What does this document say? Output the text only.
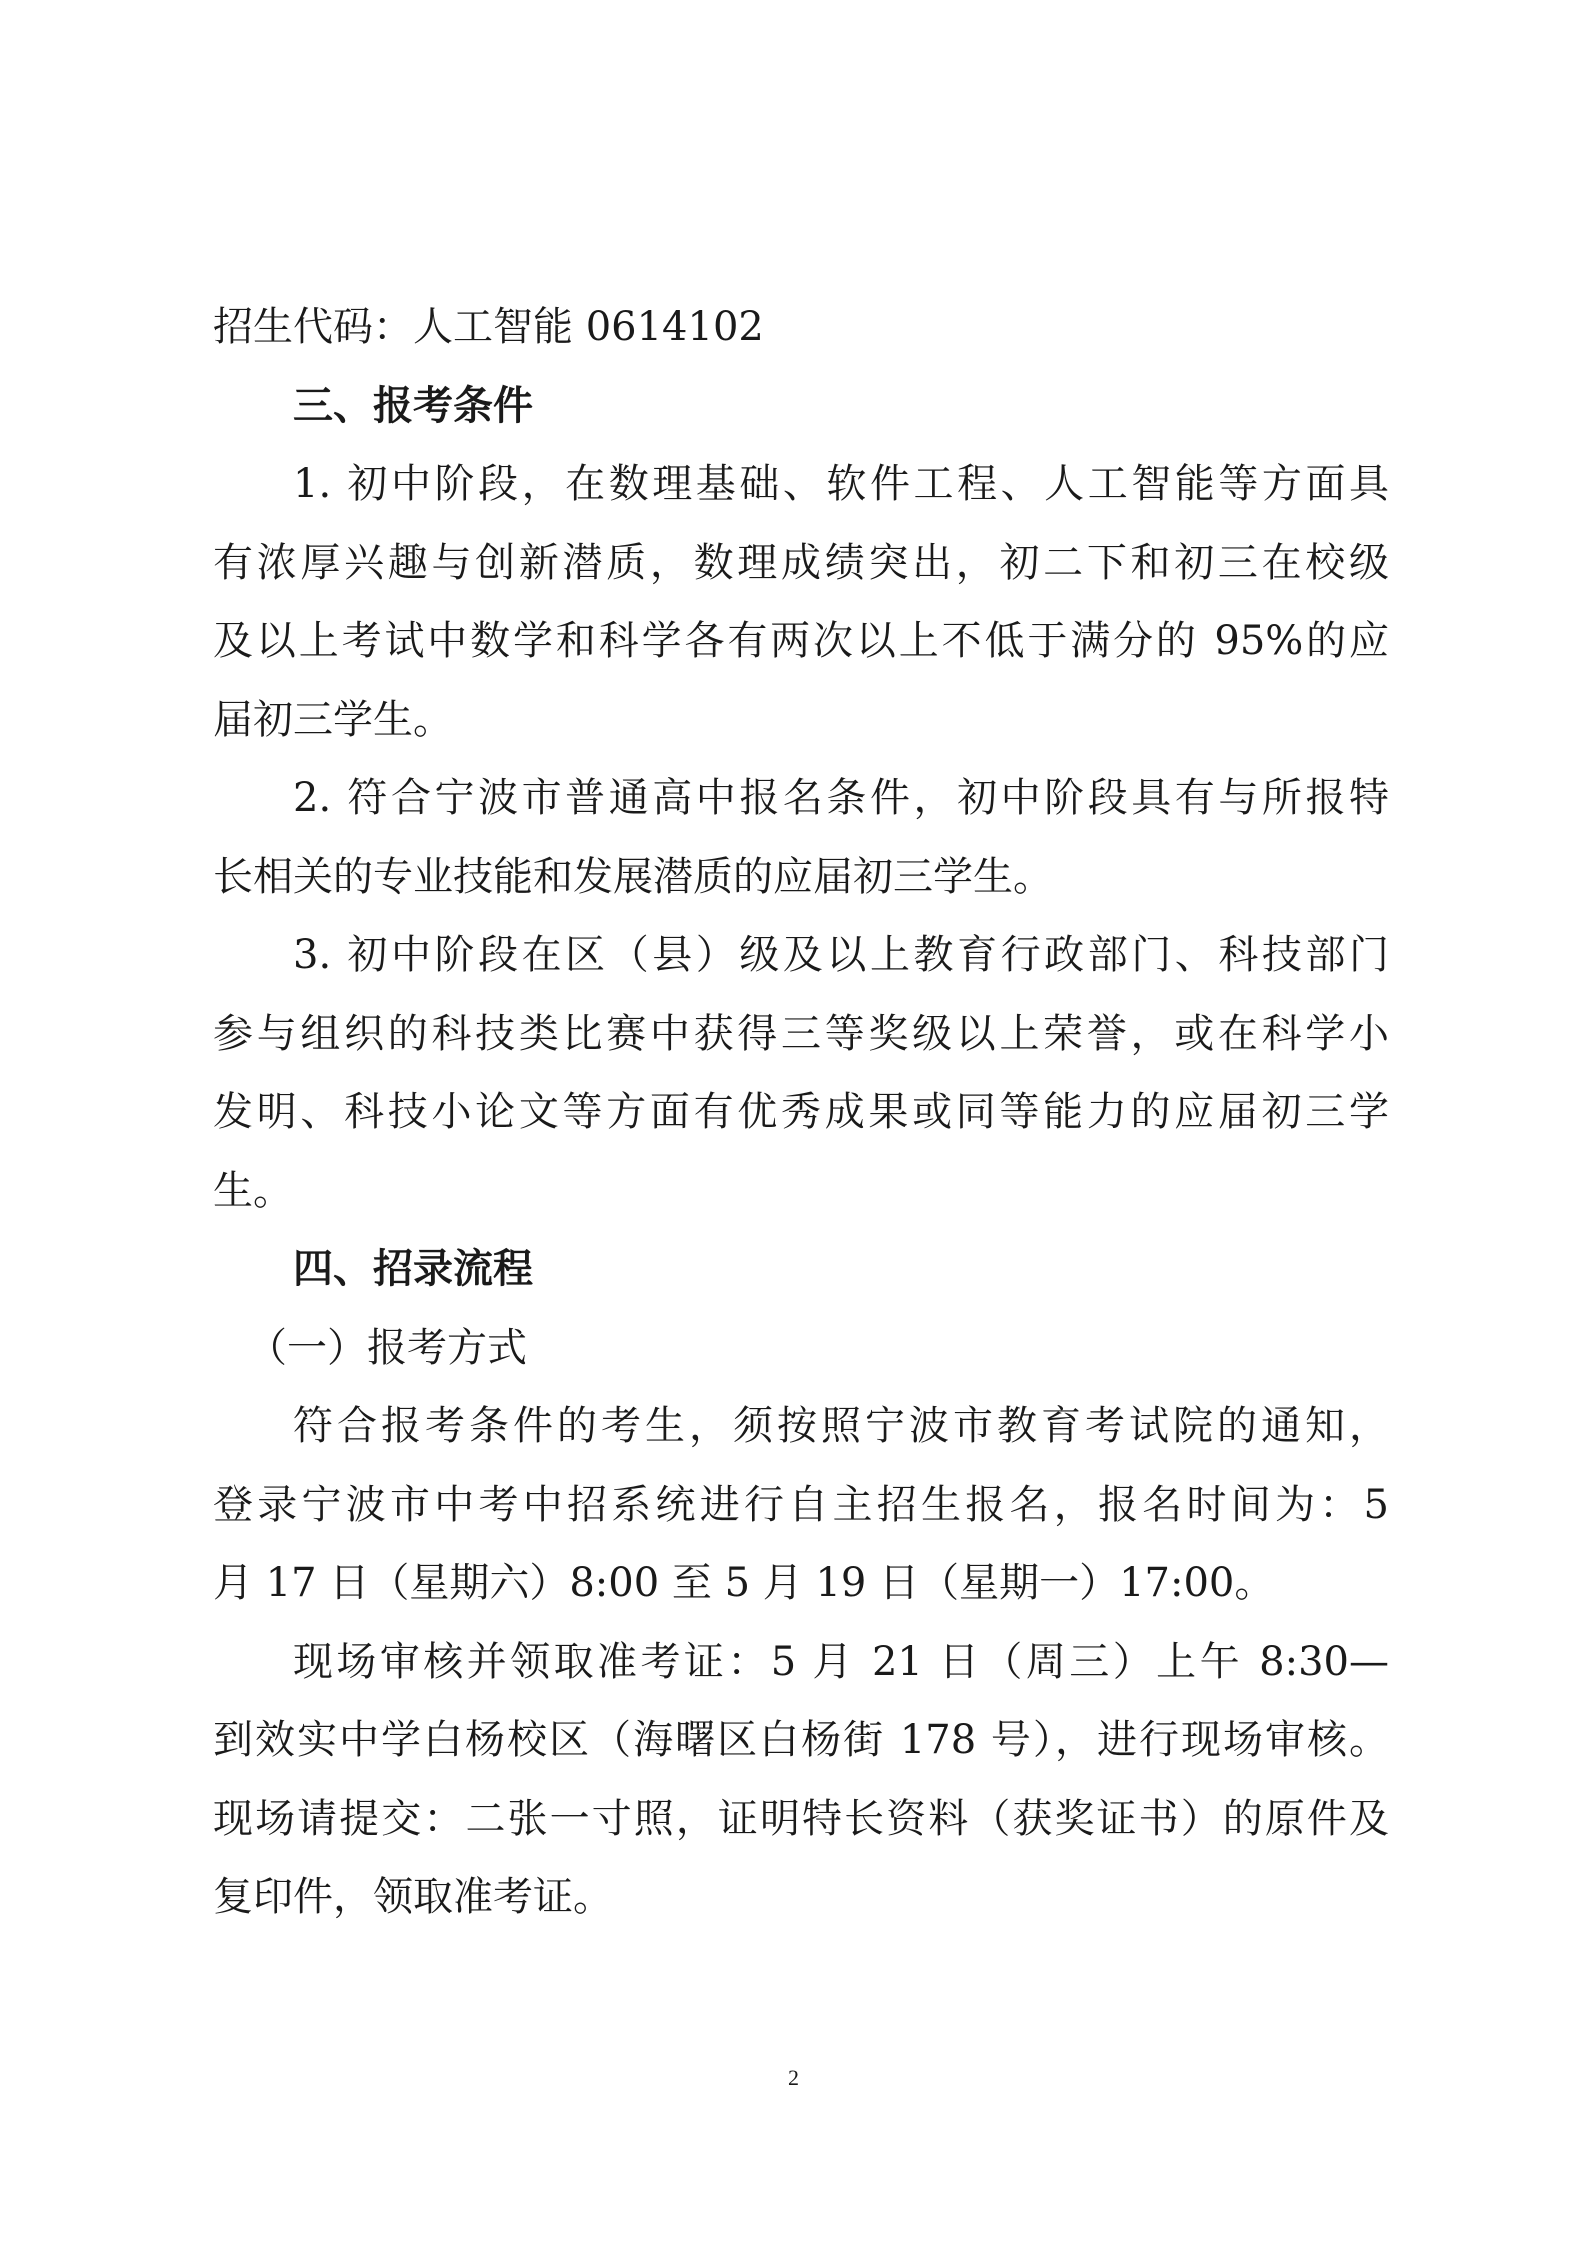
招生代码：人工智能 0614102
三、报考条件
1. 初中阶段，在数理基础、软件工程、人工智能等方面具
有浓厚兴趣与创新潜质，数理成绩突出，初二下和初三在校级
及以上考试中数学和科学各有两次以上不低于满分的 95%的应
届初三学生。
2. 符合宁波市普通高中报名条件，初中阶段具有与所报特
长相关的专业技能和发展潜质的应届初三学生。
3. 初中阶段在区（县）级及以上教育行政部门、科技部门
参与组织的科技类比赛中获得三等奖级以上荣誉，或在科学小
发明、科技小论文等方面有优秀成果或同等能力的应届初三学
生。
四、招录流程
（一）报考方式
符合报考条件的考生，须按照宁波市教育考试院的通知，
登录宁波市中考中招系统进行自主招生报名，报名时间为：5
月 17 日（星期六）8:00 至 5 月 19 日（星期一）17:00。
现场审核并领取准考证：5 月 21 日（周三）上午 8:30—
到效实中学白杨校区（海曙区白杨街 178 号），进行现场审核。
现场请提交：二张一寸照，证明特长资料（获奖证书）的原件及
复印件，领取准考证。
2
